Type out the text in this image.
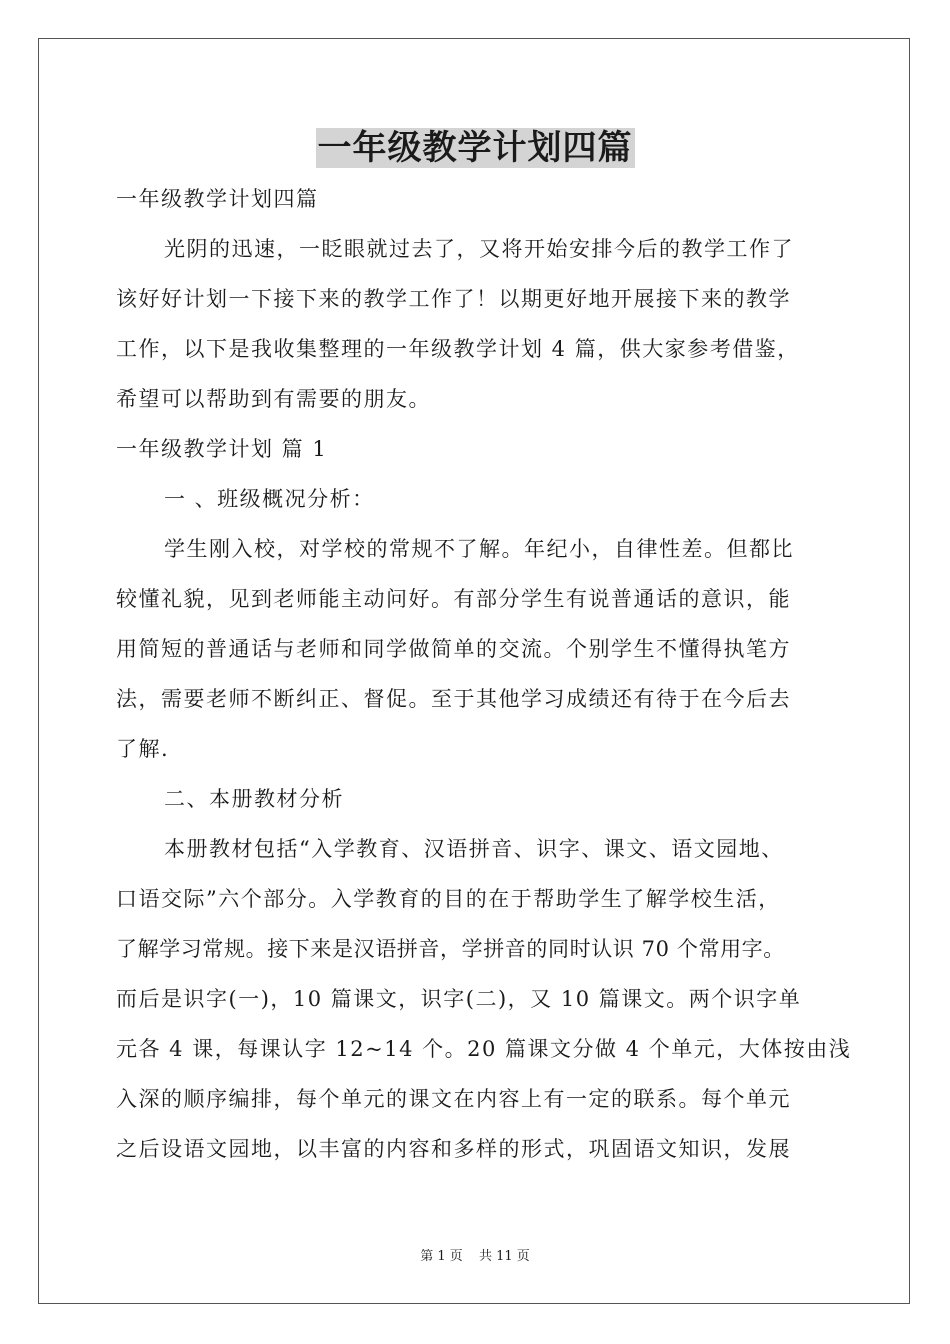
一年级教学计划四篇
一年级教学计划四篇
光阴的迅速，一眨眼就过去了，又将开始安排今后的教学工作了
该好好计划一下接下来的教学工作了！以期更好地开展接下来的教学
工作，以下是我收集整理的一年级教学计划 4 篇，供大家参考借鉴，
希望可以帮助到有需要的朋友。
一年级教学计划 篇 1
一 、班级概况分析：
学生刚入校，对学校的常规不了解。年纪小，自律性差。但都比
较懂礼貌，见到老师能主动问好。有部分学生有说普通话的意识，能
用简短的普通话与老师和同学做简单的交流。个别学生不懂得执笔方
法，需要老师不断纠正、督促。至于其他学习成绩还有待于在今后去
了解.
二、本册教材分析
本册教材包括“入学教育、汉语拼音、识字、课文、语文园地、
口语交际”六个部分。入学教育的目的在于帮助学生了解学校生活，
了解学习常规。接下来是汉语拼音，学拼音的同时认识 70 个常用字。
而后是识字(一)，10 篇课文，识字(二)，又 10 篇课文。两个识字单
元各 4 课，每课认字 12~14 个。20 篇课文分做 4 个单元，大体按由浅
入深的顺序编排，每个单元的课文在内容上有一定的联系。每个单元
之后设语文园地，以丰富的内容和多样的形式，巩固语文知识，发展
第 1 页 共 11 页
